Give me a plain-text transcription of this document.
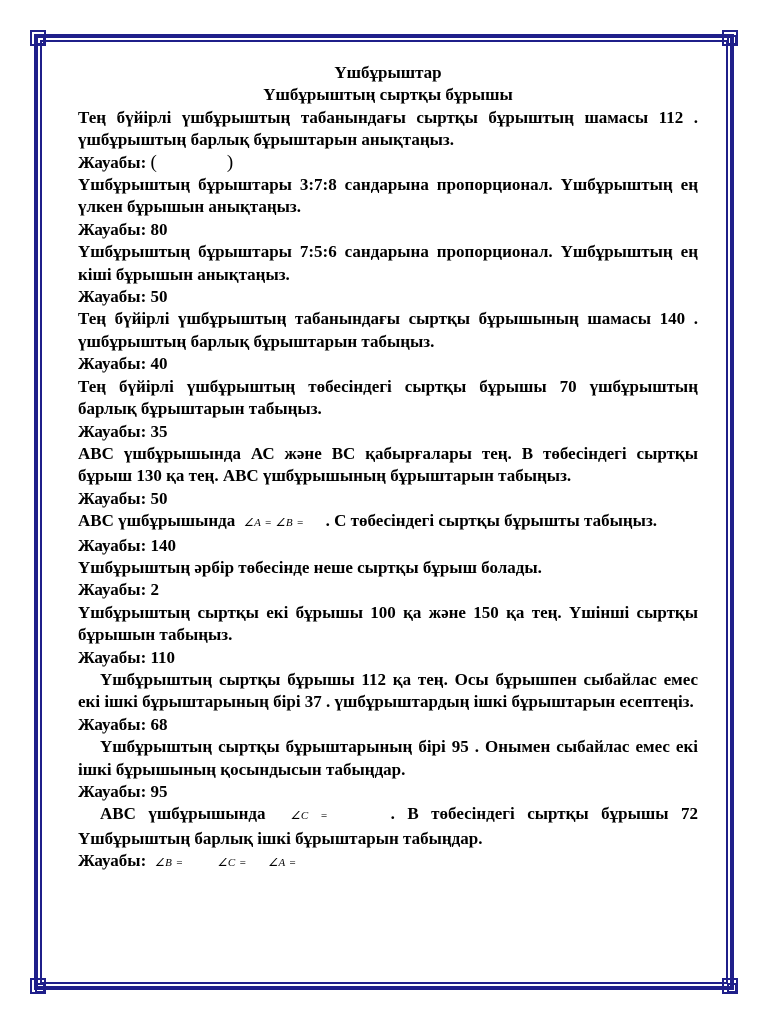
Үшбұрыштар

Үшбұрыштың сыртқы бұрышы

Тең бүйірлі үшбұрыштың табанындағы сыртқы бұрыштың шамасы 112 . үшбұрыштың барлық бұрыштарын анықтаңыз.

Жауабы: (	)

Үшбұрыштың бұрыштары 3:7:8 сандарына пропорционал. Үшбұрыштың ең үлкен бұрышын анықтаңыз.

Жауабы: 80

Үшбұрыштың бұрыштары 7:5:6 сандарына пропорционал. Үшбұрыштың ең кіші бұрышын анықтаңыз.

Жауабы: 50

Тең бүйірлі үшбұрыштың табанындағы сыртқы бұрышының шамасы 140 . үшбұрыштың барлық бұрыштарын табыңыз.

Жауабы: 40

Тең бүйірлі үшбұрыштың төбесіндегі сыртқы бұрышы 70 үшбұрыштың барлық бұрыштарын табыңыз.

Жауабы: 35

АВС үшбұрышында АС және ВС қабырғалары тең. В төбесіндегі сыртқы бұрыш 130 қа тең. АВС үшбұрышының бұрыштарын табыңыз.

Жауабы: 50

АВС үшбұрышында ∠A = ∠B = . С төбесіндегі сыртқы бұрышты табыңыз.

Жауабы: 140

Үшбұрыштың әрбір төбесінде неше сыртқы бұрыш болады.

Жауабы: 2

Үшбұрыштың сыртқы екі бұрышы 100 қа және 150 қа тең. Үшінші сыртқы бұрышын табыңыз.

Жауабы: 110

Үшбұрыштың сыртқы бұрышы 112 қа тең. Осы бұрышпен сыбайлас емес екі ішкі бұрыштарының бірі 37 . үшбұрыштардың ішкі бұрыштарын есептеңіз.

Жауабы: 68

Үшбұрыштың сыртқы бұрыштарының бірі 95 . Онымен сыбайлас емес екі ішкі бұрышының қосындысын табыңдар.

Жауабы: 95

АВС үшбұрышында ∠C =	. В төбесіндегі сыртқы бұрышы 72 Үшбұрыштың барлық ішкі бұрыштарын табыңдар.

Жауабы: ∠B =	∠C = ∠A =
